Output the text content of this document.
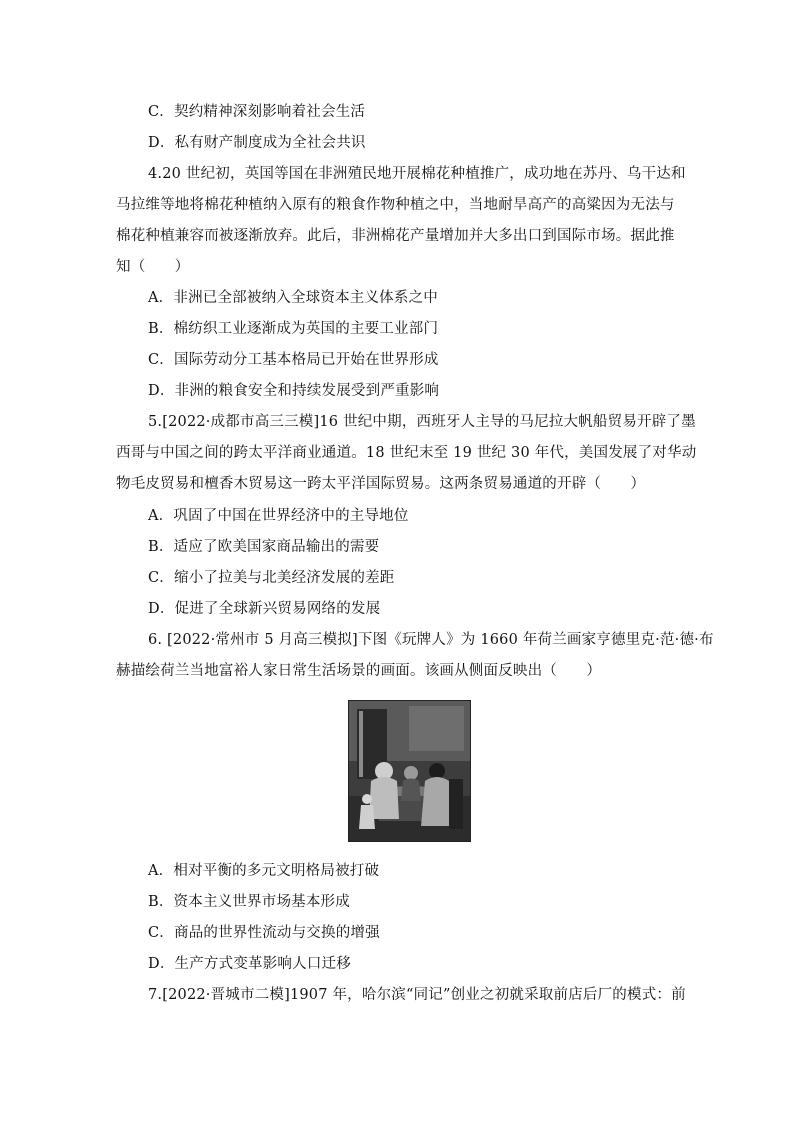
C．契约精神深刻影响着社会生活
D．私有财产制度成为全社会共识
4.20 世纪初，英国等国在非洲殖民地开展棉花种植推广，成功地在苏丹、乌干达和
马拉维等地将棉花种植纳入原有的粮食作物种植之中，当地耐旱高产的高粱因为无法与
棉花种植兼容而被逐渐放弃。此后，非洲棉花产量增加并大多出口到国际市场。据此推
知（　　）
A．非洲已全部被纳入全球资本主义体系之中
B．棉纺织工业逐渐成为英国的主要工业部门
C．国际劳动分工基本格局已开始在世界形成
D．非洲的粮食安全和持续发展受到严重影响
5.[2022·成都市高三三模]16 世纪中期，西班牙人主导的马尼拉大帆船贸易开辟了墨
西哥与中国之间的跨太平洋商业通道。18 世纪末至 19 世纪 30 年代，美国发展了对华动
物毛皮贸易和檀香木贸易这一跨太平洋国际贸易。这两条贸易通道的开辟（　　）
A．巩固了中国在世界经济中的主导地位
B．适应了欧美国家商品输出的需要
C．缩小了拉美与北美经济发展的差距
D．促进了全球新兴贸易网络的发展
6. [2022·常州市 5 月高三模拟]下图《玩牌人》为 1660 年荷兰画家亨德里克·范·德·布
赫描绘荷兰当地富裕人家日常生活场景的画面。该画从侧面反映出（　　）
A．相对平衡的多元文明格局被打破
B．资本主义世界市场基本形成
C．商品的世界性流动与交换的增强
D．生产方式变革影响人口迁移
7.[2022·晋城市二模]1907 年，哈尔滨“同记”创业之初就采取前店后厂的模式：前
